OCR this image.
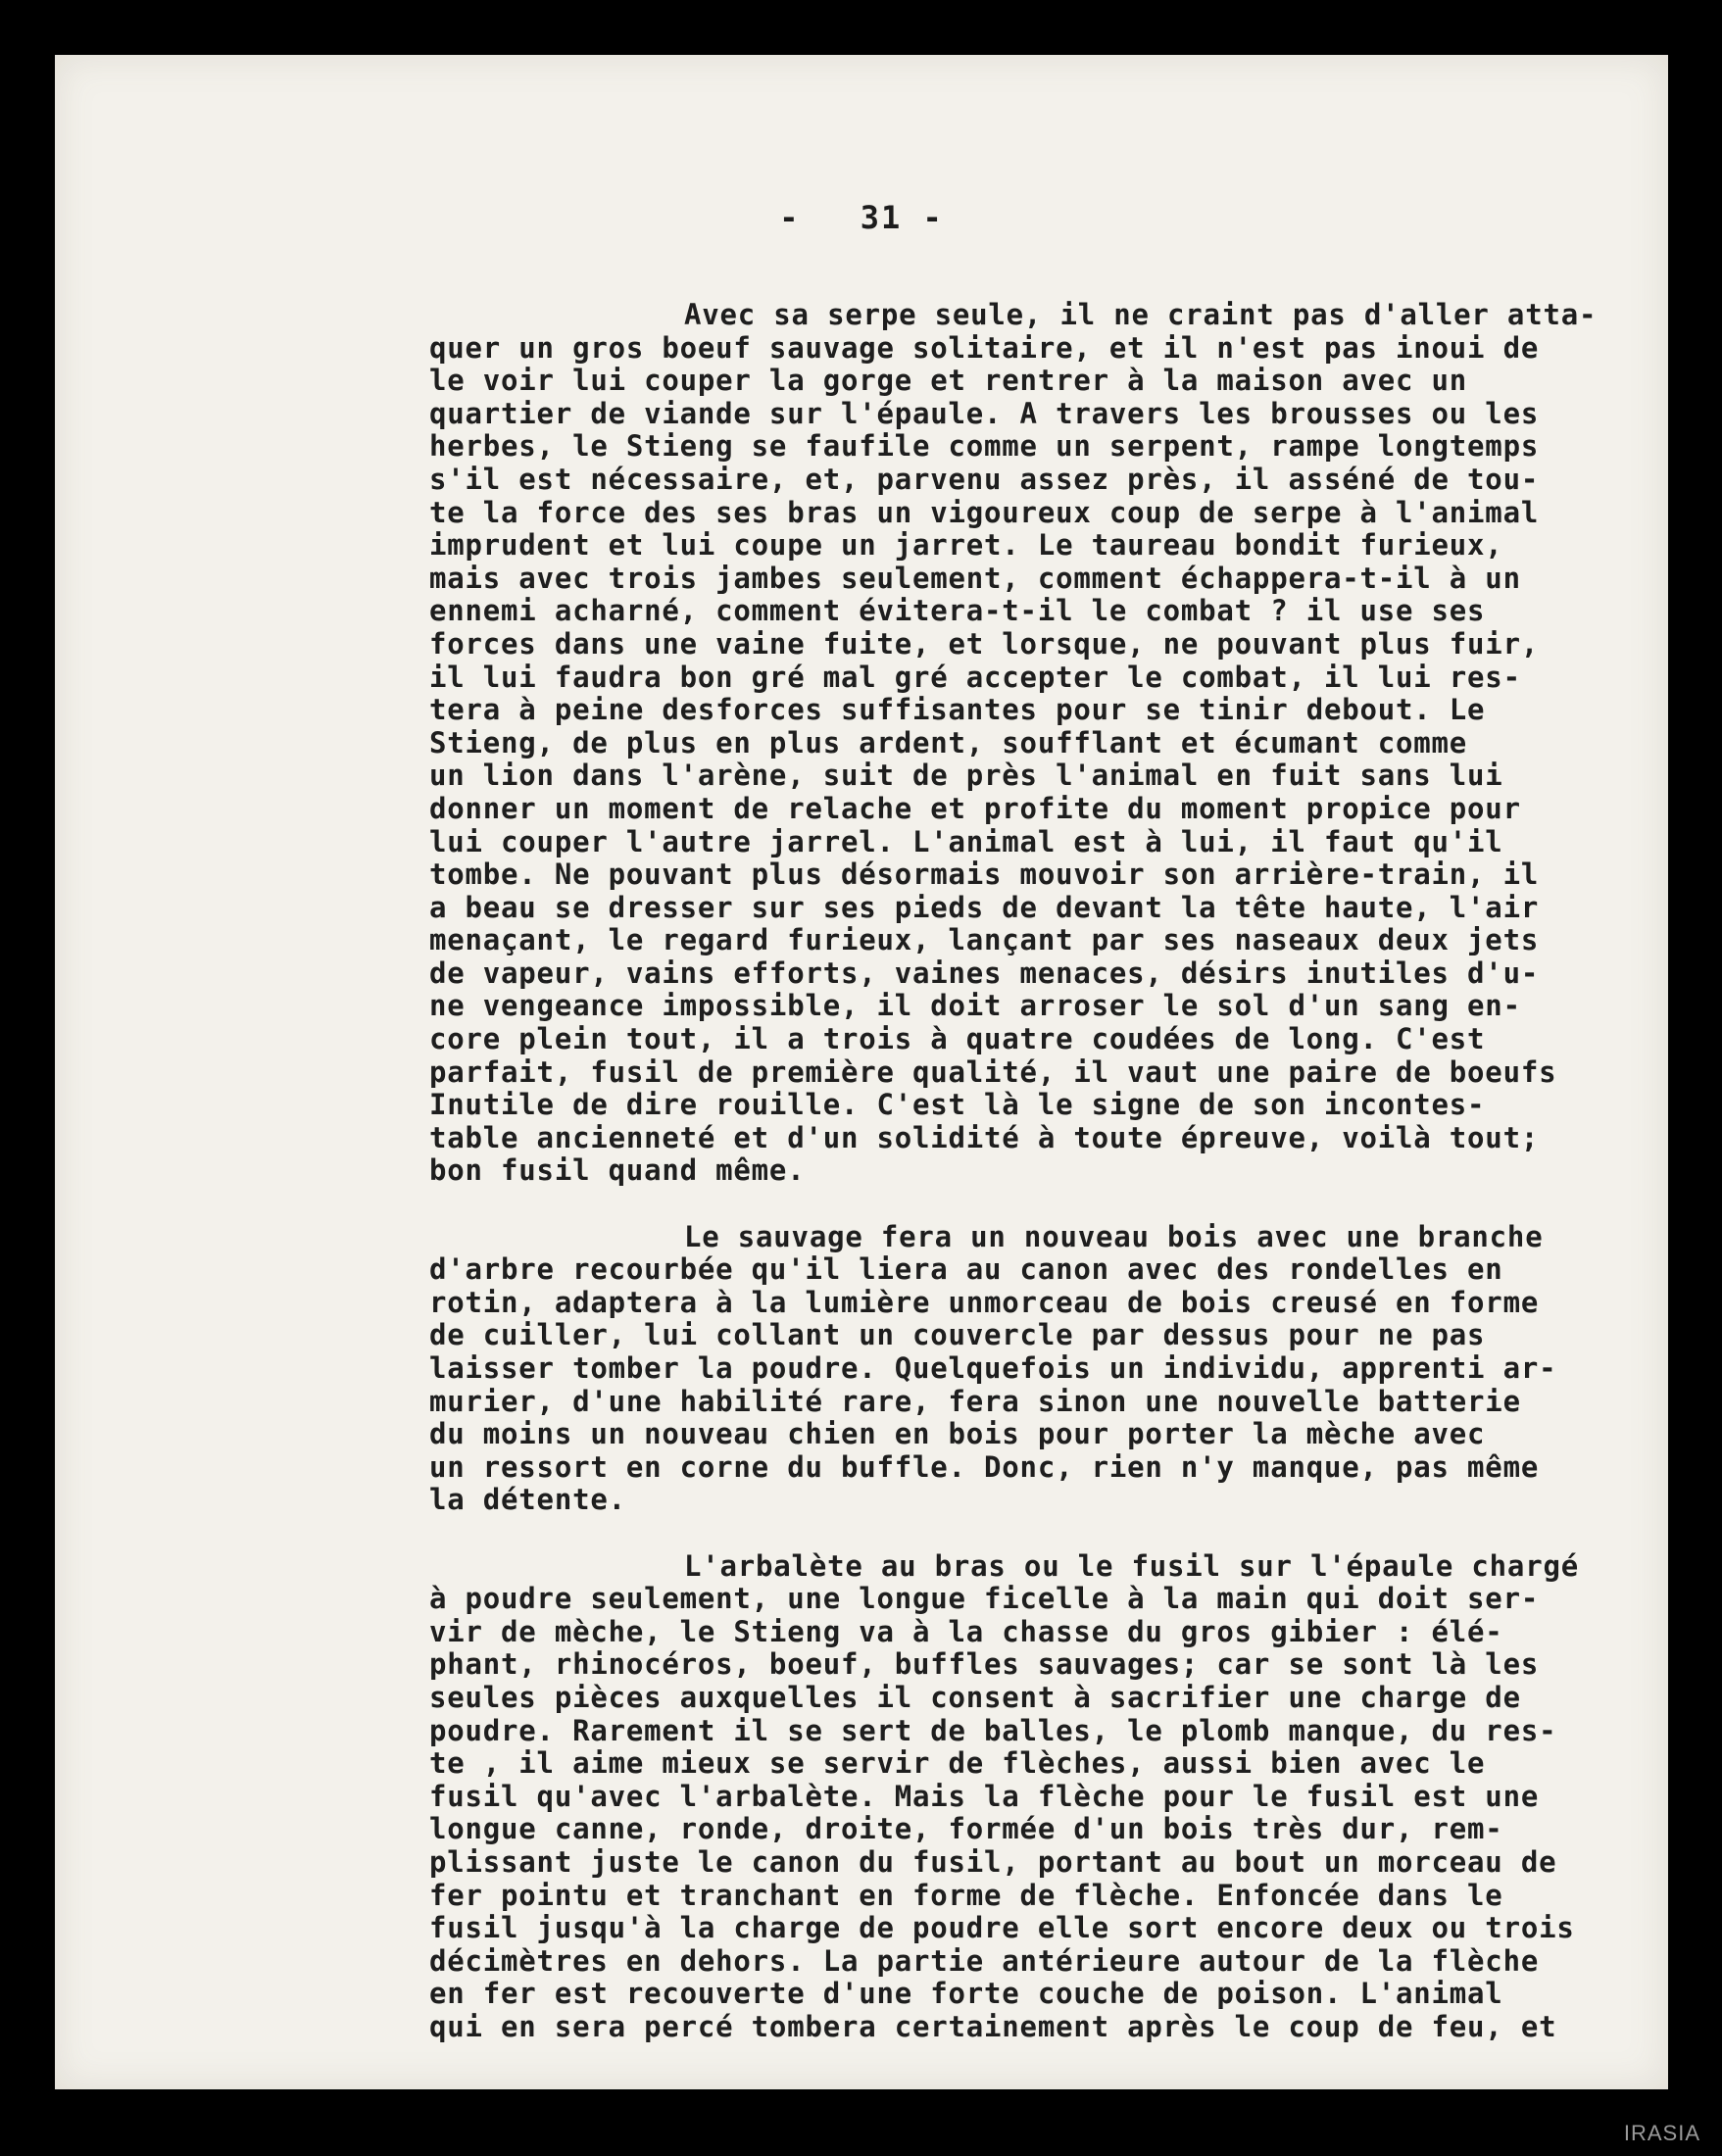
- 31 -
Avec sa serpe seule, il ne craint pas d'aller atta-
quer un gros boeuf sauvage solitaire, et il n'est pas inoui de
le voir lui couper la gorge et rentrer à la maison avec un
quartier de viande sur l'épaule. A travers les brousses ou les
herbes, le Stieng se faufile comme un serpent, rampe longtemps
s'il est nécessaire, et, parvenu assez près, il asséné de tou-
te la force des ses bras un vigoureux coup de serpe à l'animal
imprudent et lui coupe un jarret. Le taureau bondit furieux,
mais avec trois jambes seulement, comment échappera-t-il à un
ennemi acharné, comment évitera-t-il le combat ? il use ses
forces dans une vaine fuite, et lorsque, ne pouvant plus fuir,
il lui faudra bon gré mal gré accepter le combat, il lui res-
tera à peine desforces suffisantes pour se tinir debout. Le
Stieng, de plus en plus ardent, soufflant et écumant comme
un lion dans l'arène, suit de près l'animal en fuit sans lui
donner un moment de relache et profite du moment propice pour
lui couper l'autre jarrel. L'animal est à lui, il faut qu'il
tombe. Ne pouvant plus désormais mouvoir son arrière-train, il
a beau se dresser sur ses pieds de devant la tête haute, l'air
menaçant, le regard furieux, lançant par ses naseaux deux jets
de vapeur, vains efforts, vaines menaces, désirs inutiles d'u-
ne vengeance impossible, il doit arroser le sol d'un sang en-
core plein tout, il a trois à quatre coudées de long. C'est
parfait, fusil de première qualité, il vaut une paire de boeufs
Inutile de dire rouille. C'est là le signe de son incontes-
table ancienneté et d'un solidité à toute épreuve, voilà tout;
bon fusil quand même.
Le sauvage fera un nouveau bois avec une branche
d'arbre recourbée qu'il liera au canon avec des rondelles en
rotin, adaptera à la lumière unmorceau de bois creusé en forme
de cuiller, lui collant un couvercle par dessus pour ne pas
laisser tomber la poudre. Quelquefois un individu, apprenti ar-
murier, d'une habilité rare, fera sinon une nouvelle batterie
du moins un nouveau chien en bois pour porter la mèche avec
un ressort en corne du buffle. Donc, rien n'y manque, pas même
la détente.
L'arbalète au bras ou le fusil sur l'épaule chargé
à poudre seulement, une longue ficelle à la main qui doit ser-
vir de mèche, le Stieng va à la chasse du gros gibier : élé-
phant, rhinocéros, boeuf, buffles sauvages; car se sont là les
seules pièces auxquelles il consent à sacrifier une charge de
poudre. Rarement il se sert de balles, le plomb manque, du res-
te , il aime mieux se servir de flèches, aussi bien avec le
fusil qu'avec l'arbalète. Mais la flèche pour le fusil est une
longue canne, ronde, droite, formée d'un bois très dur, rem-
plissant juste le canon du fusil, portant au bout un morceau de
fer pointu et tranchant en forme de flèche. Enfoncée dans le
fusil jusqu'à la charge de poudre elle sort encore deux ou trois
décimètres en dehors. La partie antérieure autour de la flèche
en fer est recouverte d'une forte couche de poison. L'animal
qui en sera percé tombera certainement après le coup de feu, et
IRASIA
